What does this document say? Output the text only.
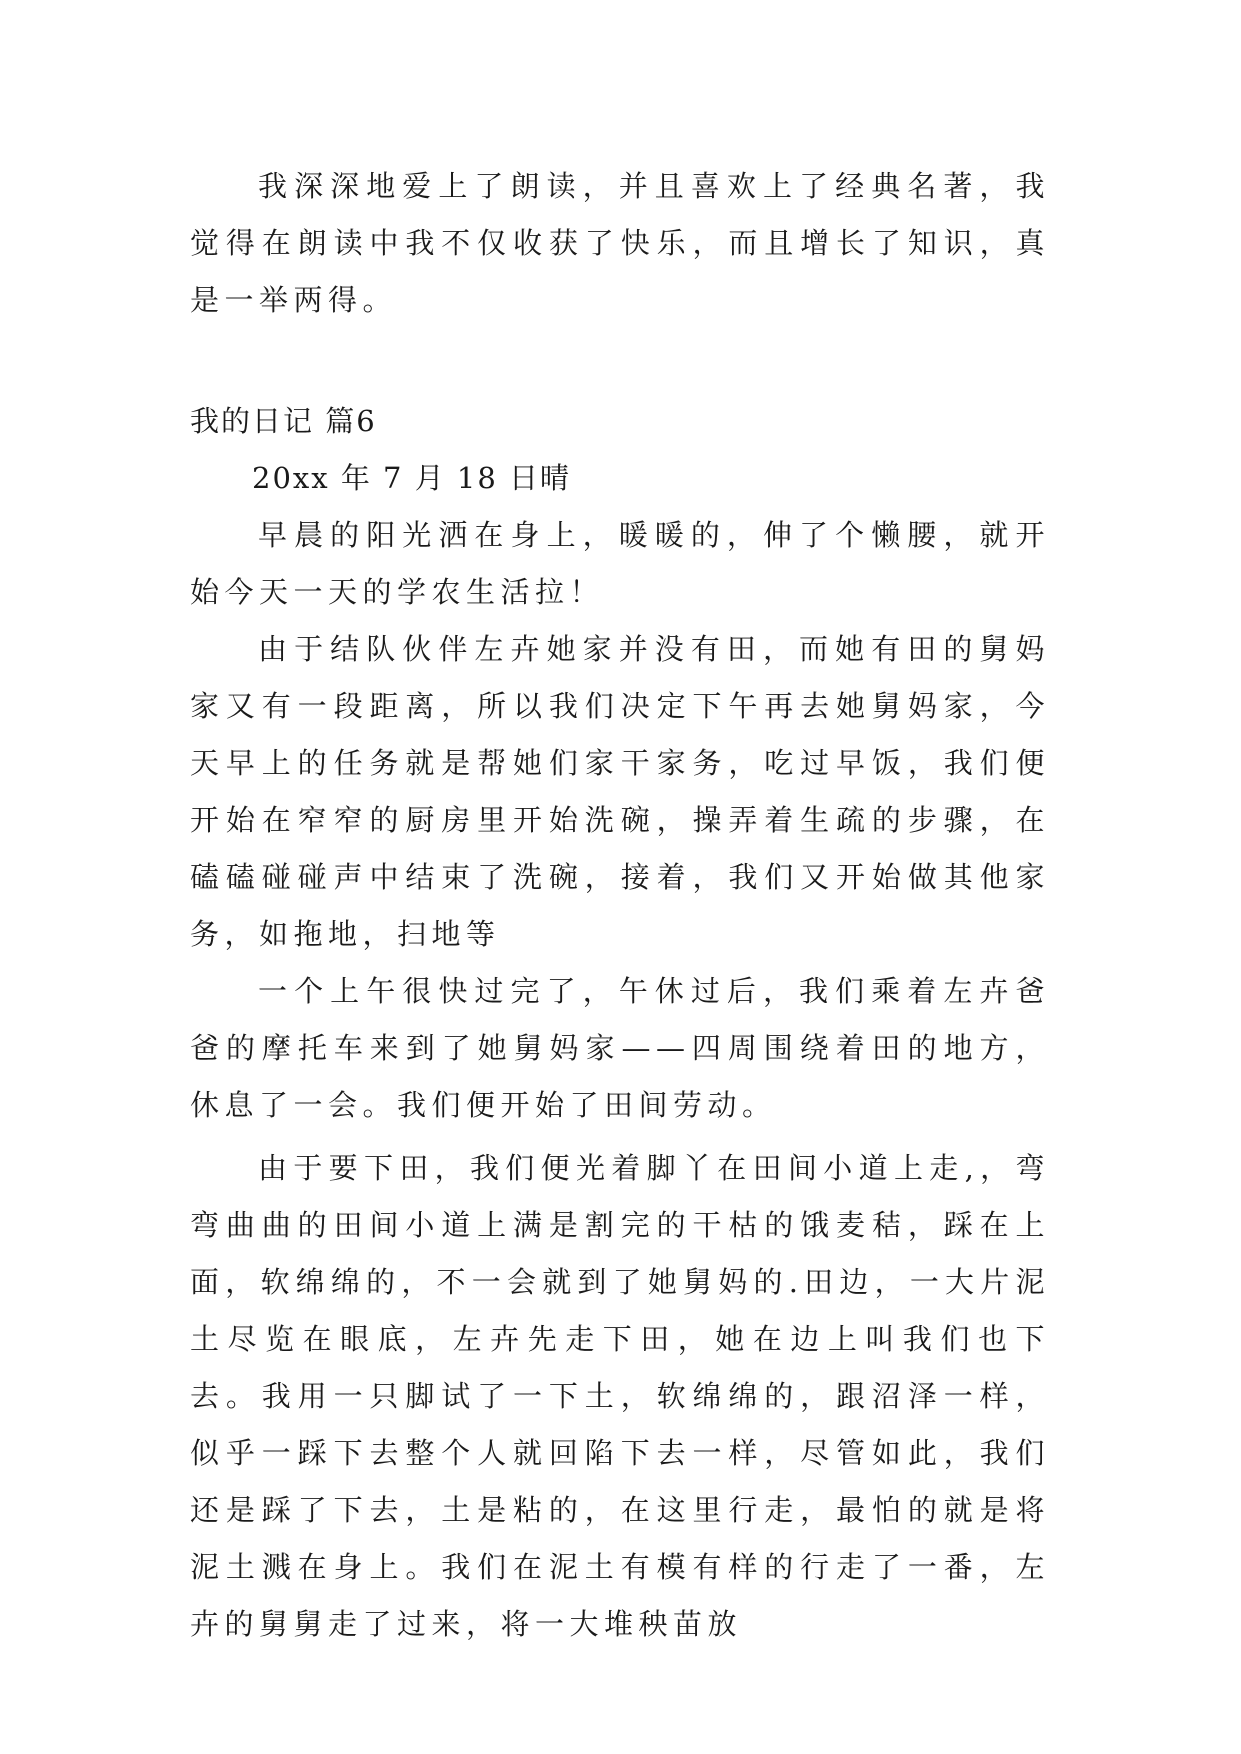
我深深地爱上了朗读，并且喜欢上了经典名著，我觉得在朗读中我不仅收获了快乐，而且增长了知识，真是一举两得。

我的日记 篇6

20xx 年 7 月 18 日晴

早晨的阳光洒在身上，暖暖的，伸了个懒腰，就开始今天一天的学农生活拉！

由于结队伙伴左卉她家并没有田，而她有田的舅妈家又有一段距离，所以我们决定下午再去她舅妈家，今天早上的任务就是帮她们家干家务，吃过早饭，我们便开始在窄窄的厨房里开始洗碗，操弄着生疏的步骤，在磕磕碰碰声中结束了洗碗，接着，我们又开始做其他家务，如拖地，扫地等

一个上午很快过完了，午休过后，我们乘着左卉爸爸的摩托车来到了她舅妈家——四周围绕着田的地方，休息了一会。我们便开始了田间劳动。

由于要下田，我们便光着脚丫在田间小道上走,，弯弯曲曲的田间小道上满是割完的干枯的饿麦秸，踩在上面，软绵绵的，不一会就到了她舅妈的.田边，一大片泥土尽览在眼底，左卉先走下田，她在边上叫我们也下去。我用一只脚试了一下土，软绵绵的，跟沼泽一样，似乎一踩下去整个人就回陷下去一样，尽管如此，我们还是踩了下去，土是粘的，在这里行走，最怕的就是将泥土溅在身上。我们在泥土有模有样的行走了一番，左卉的舅舅走了过来，将一大堆秧苗放
